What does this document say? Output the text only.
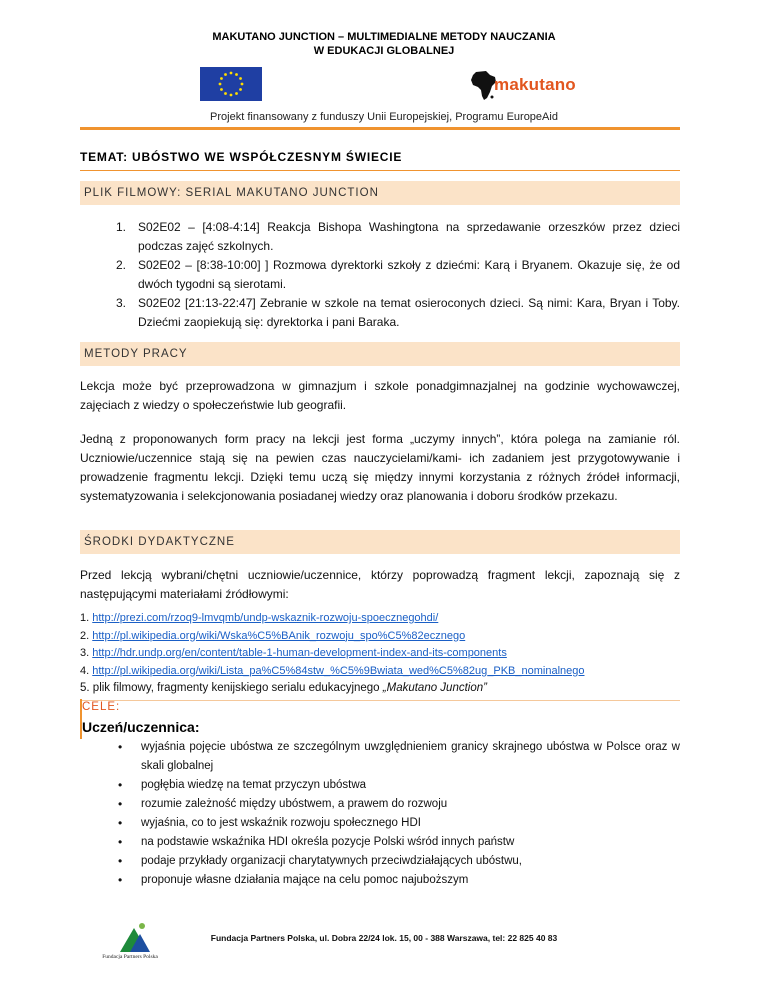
MAKUTANO JUNCTION – MULTIMEDIALNE METODY NAUCZANIA
W EDUKACJI GLOBALNEJ
makutano
Projekt finansowany z funduszy Unii Europejskiej, Programu EuropeAid
TEMAT: UBÓSTWO WE WSPÓŁCZESNYM ŚWIECIE
PLIK FILMOWY: SERIAL MAKUTANO JUNCTION
1. S02E02 – [4:08-4:14] Reakcja Bishopa Washingtona na sprzedawanie orzeszków przez dzieci podczas zajęć szkolnych.
2. S02E02 – [8:38-10:00] ] Rozmowa dyrektorki szkoły z dziećmi: Karą i Bryanem. Okazuje się, że od dwóch tygodni są sierotami.
3. S02E02 [21:13-22:47] Zebranie w szkole na temat osieroconych dzieci. Są nimi: Kara, Bryan i Toby. Dziećmi zaopiekują się: dyrektorka i pani Baraka.
METODY PRACY
Lekcja może być przeprowadzona w gimnazjum i szkole ponadgimnazjalnej na godzinie wychowawczej, zajęciach z wiedzy o społeczeństwie lub geografii.
Jedną z proponowanych form pracy na lekcji jest forma „uczymy innych”, która polega na zamianie ról. Uczniowie/uczennice stają się na pewien czas nauczycielami/kami- ich zadaniem jest przygotowywanie i prowadzenie fragmentu lekcji. Dzięki temu uczą się między innymi korzystania z różnych źródeł informacji, systematyzowania i selekcjonowania posiadanej wiedzy oraz planowania i doboru środków przekazu.
ŚRODKI DYDAKTYCZNE
Przed lekcją wybrani/chętni uczniowie/uczennice, którzy poprowadzą fragment lekcji, zapoznają się z następującymi materiałami źródłowymi:
1. http://prezi.com/rzoq9-lmvqmb/undp-wskaznik-rozwoju-spoecznegohdi/
2. http://pl.wikipedia.org/wiki/Wska%C5%BAnik_rozwoju_spo%C5%82ecznego
3. http://hdr.undp.org/en/content/table-1-human-development-index-and-its-components
4. http://pl.wikipedia.org/wiki/Lista_pa%C5%84stw_%C5%9Bwiata_wed%C5%82ug_PKB_nominalnego
5. plik filmowy, fragmenty kenijskiego serialu edukacyjnego „Makutano Junction”
CELE:
Uczeń/uczennica:
• wyjaśnia pojęcie ubóstwa ze szczególnym uwzględnieniem granicy skrajnego ubóstwa w Polsce oraz w skali globalnej
• pogłębia wiedzę na temat przyczyn ubóstwa
• rozumie zależność między ubóstwem, a prawem do rozwoju
• wyjaśnia, co to jest wskaźnik rozwoju społecznego HDI
• na podstawie wskaźnika HDI określa pozycje Polski wśród innych państw
• podaje przykłady organizacji charytatywnych przeciwdziałających ubóstwu,
• proponuje własne działania mające na celu pomoc najuboższym
Fundacja Partners Polska
Fundacja Partners Polska, ul. Dobra 22/24 lok. 15, 00 - 388 Warszawa, tel: 22 825 40 83
